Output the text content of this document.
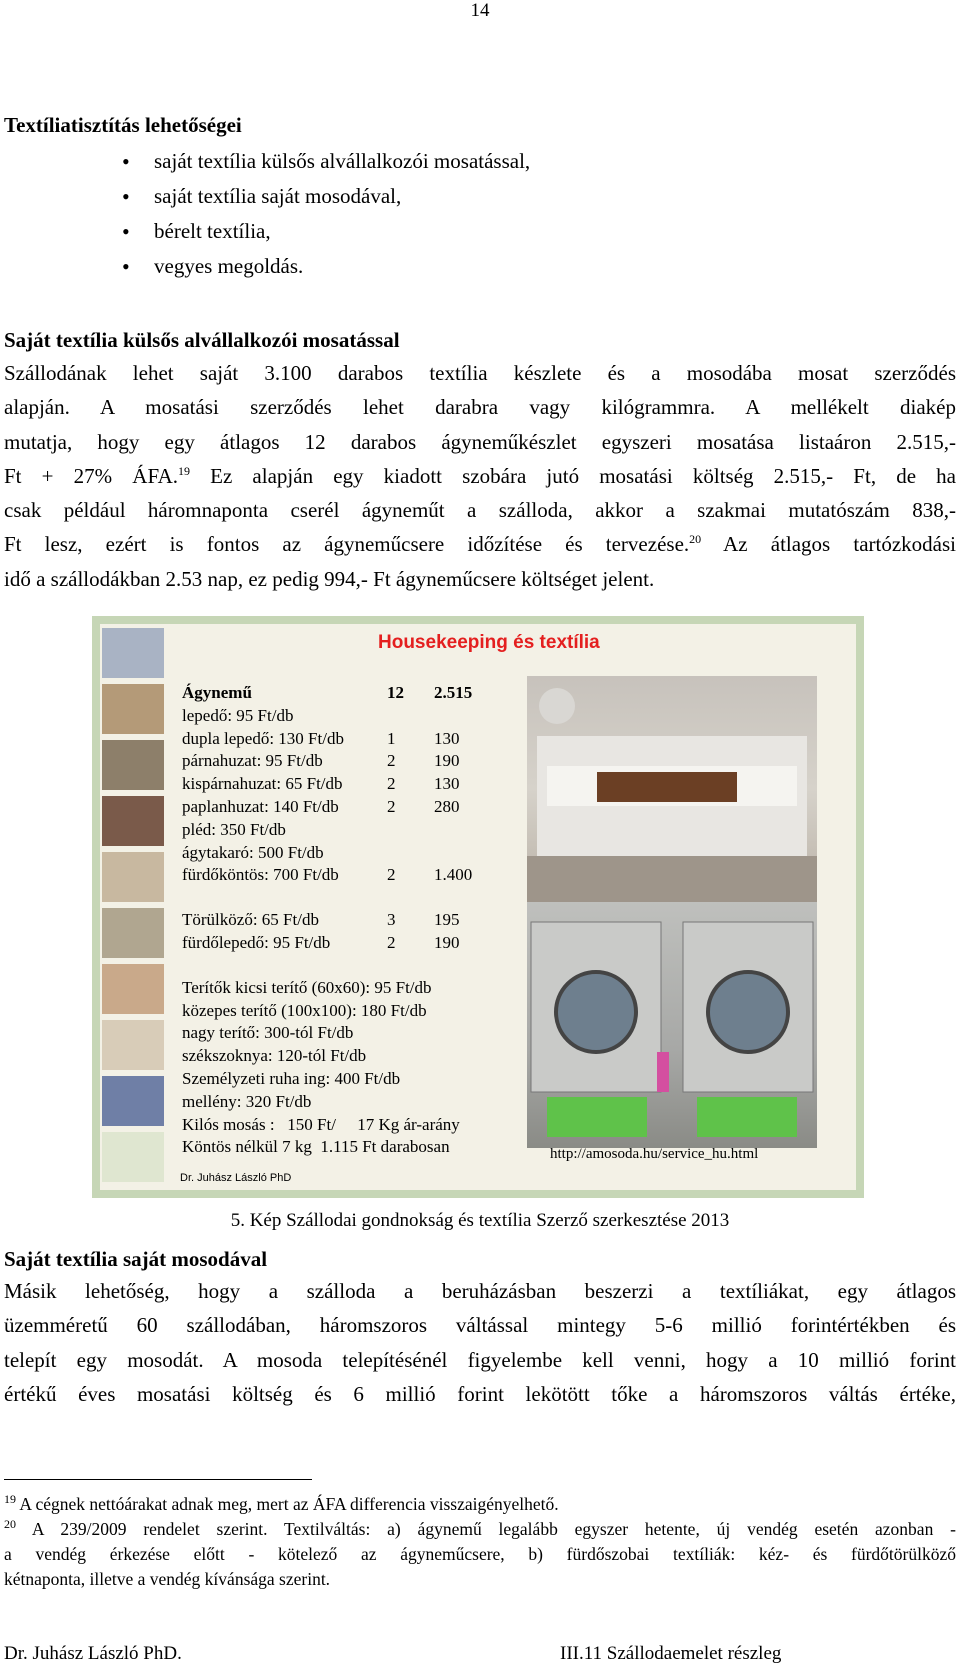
14
Textíliatisztítás lehetőségei
• saját textília külsős alvállalkozói mosatással,
• saját textília saját mosodával,
• bérelt textília,
• vegyes megoldás.
Saját textília külsős alvállalkozói mosatással
Szállodának lehet saját 3.100 darabos textília készlete és a mosodába mosat szerződés
alapján. A mosatási szerződés lehet darabra vagy kilógrammra. A mellékelt diakép
mutatja, hogy egy átlagos 12 darabos ágyneműkészlet egyszeri mosatása listaáron 2.515,-
Ft + 27% ÁFA.$^{19}$ Ez alapján egy kiadott szobára jutó mosatási költség 2.515,- Ft, de ha
csak például háromnaponta cserél ágyneműt a szálloda, akkor a szakmai mutatószám 838,-
Ft lesz, ezért is fontos az ágyneműcsere időzítése és tervezése.$^{20}$ Az átlagos tartózkodási
idő a szállodákban 2.53 nap, ez pedig 994,- Ft ágyneműcsere költséget jelent.
Housekeeping és textília
Ágynemű	12 2.515
lepedő: 95 Ft/db
dupla lepedő: 130 Ft/db	1 130
párnahuzat: 95 Ft/db	2 190
kispárnahuzat: 65 Ft/db	2 130
paplanhuzat: 140 Ft/db	2 280
pléd: 350 Ft/db
ágytakaró: 500 Ft/db
fürdőköntös: 700 Ft/db	2 1.400
Törülköző: 65 Ft/db	3 195
fürdőlepedő: 95 Ft/db	2 190
Terítők kicsi terítő (60x60): 95 Ft/db
közepes terítő (100x100): 180 Ft/db
nagy terítő: 300-tól Ft/db
székszoknya: 120-tól Ft/db
Személyzeti ruha ing: 400 Ft/db
mellény: 320 Ft/db
Kilós mosás :   150 Ft/     17 Kg ár-arány
Köntös nélkül 7 kg  1.115 Ft darabosan	http://amosoda.hu/service_hu.html
Dr. Juhász László PhD
5. Kép Szállodai gondnokság és textília Szerző szerkesztése 2013
Saját textília saját mosodával
Másik lehetőség, hogy a szálloda a beruházásban beszerzi a textíliákat, egy átlagos
üzemméretű 60 szállodában, háromszoros váltással mintegy 5-6 millió forintértékben és
telepít egy mosodát. A mosoda telepítésénél figyelembe kell venni, hogy a 10 millió forint
értékű éves mosatási költség és 6 millió forint lekötött tőke a háromszoros váltás értéke,
$^{19}$ A cégnek nettóárakat adnak meg, mert az ÁFA differencia visszaigényelhető.
$^{20}$ A 239/2009 rendelet szerint. Textilváltás: a) ágynemű legalább egyszer hetente, új vendég esetén azonban -
a vendég érkezése előtt - kötelező az ágyneműcsere, b) fürdőszobai textíliák: kéz- és fürdőtörülköző
kétnaponta, illetve a vendég kívánsága szerint.
Dr. Juhász László PhD.	III.11 Szállodaemelet részleg
